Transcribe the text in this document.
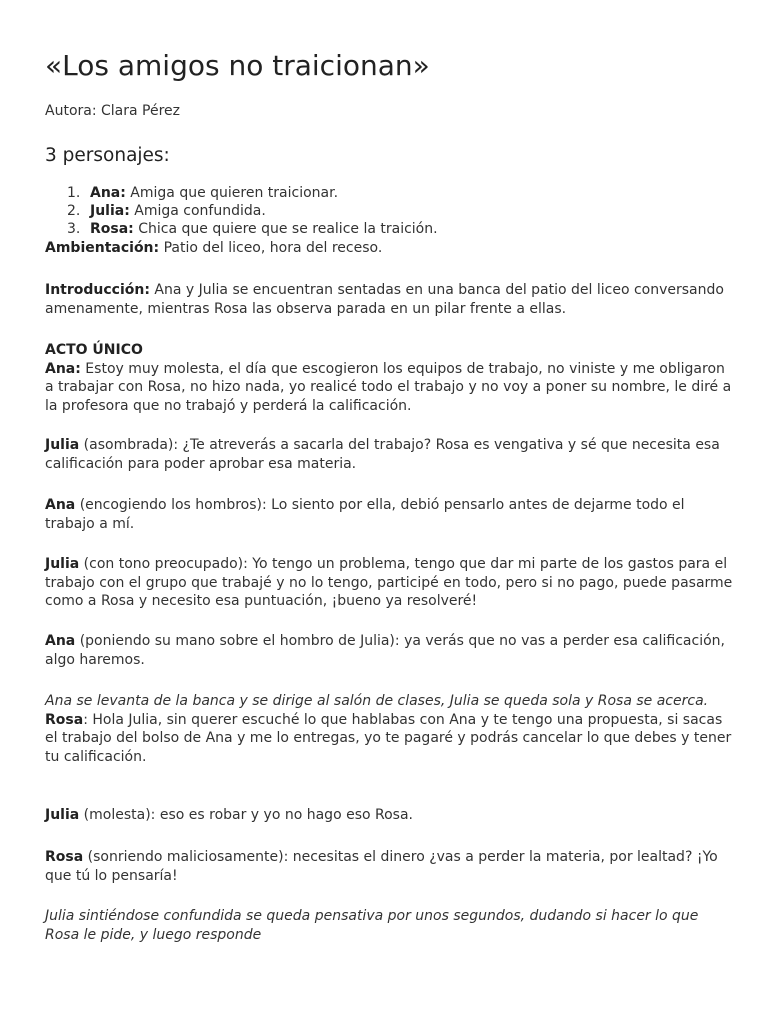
«Los amigos no traicionan»

Autora: Clara Pérez

3 personajes:
1. Ana: Amiga que quieren traicionar.
2. Julia: Amiga confundida.
3. Rosa: Chica que quiere que se realice la traición.

Ambientación: Patio del liceo, hora del receso.

Introducción: Ana y Julia se encuentran sentadas en una banca del patio del liceo conversando amenamente, mientras Rosa las observa parada en un pilar frente a ellas.

ACTO ÚNICO
Ana: Estoy muy molesta, el día que escogieron los equipos de trabajo, no viniste y me obligaron a trabajar con Rosa, no hizo nada, yo realicé todo el trabajo y no voy a poner su nombre, le diré a la profesora que no trabajó y perderá la calificación.

Julia (asombrada): ¿Te atreverás a sacarla del trabajo? Rosa es vengativa y sé que necesita esa calificación para poder aprobar esa materia.

Ana (encogiendo los hombros): Lo siento por ella, debió pensarlo antes de dejarme todo el trabajo a mí.

Julia (con tono preocupado): Yo tengo un problema, tengo que dar mi parte de los gastos para el trabajo con el grupo que trabajé y no lo tengo, participé en todo, pero si no pago, puede pasarme como a Rosa y necesito esa puntuación, ¡bueno ya resolveré!

Ana (poniendo su mano sobre el hombro de Julia): ya verás que no vas a perder esa calificación, algo haremos.

Ana se levanta de la banca y se dirige al salón de clases, Julia se queda sola y Rosa se acerca.
Rosa: Hola Julia, sin querer escuché lo que hablabas con Ana y te tengo una propuesta, si sacas el trabajo del bolso de Ana y me lo entregas, yo te pagaré y podrás cancelar lo que debes y tener tu calificación.

Julia (molesta): eso es robar y yo no hago eso Rosa.

Rosa (sonriendo maliciosamente): necesitas el dinero ¿vas a perder la materia, por lealtad? ¡Yo que tú lo pensaría!

Julia sintiéndose confundida se queda pensativa por unos segundos, dudando si hacer lo que Rosa le pide, y luego responde
